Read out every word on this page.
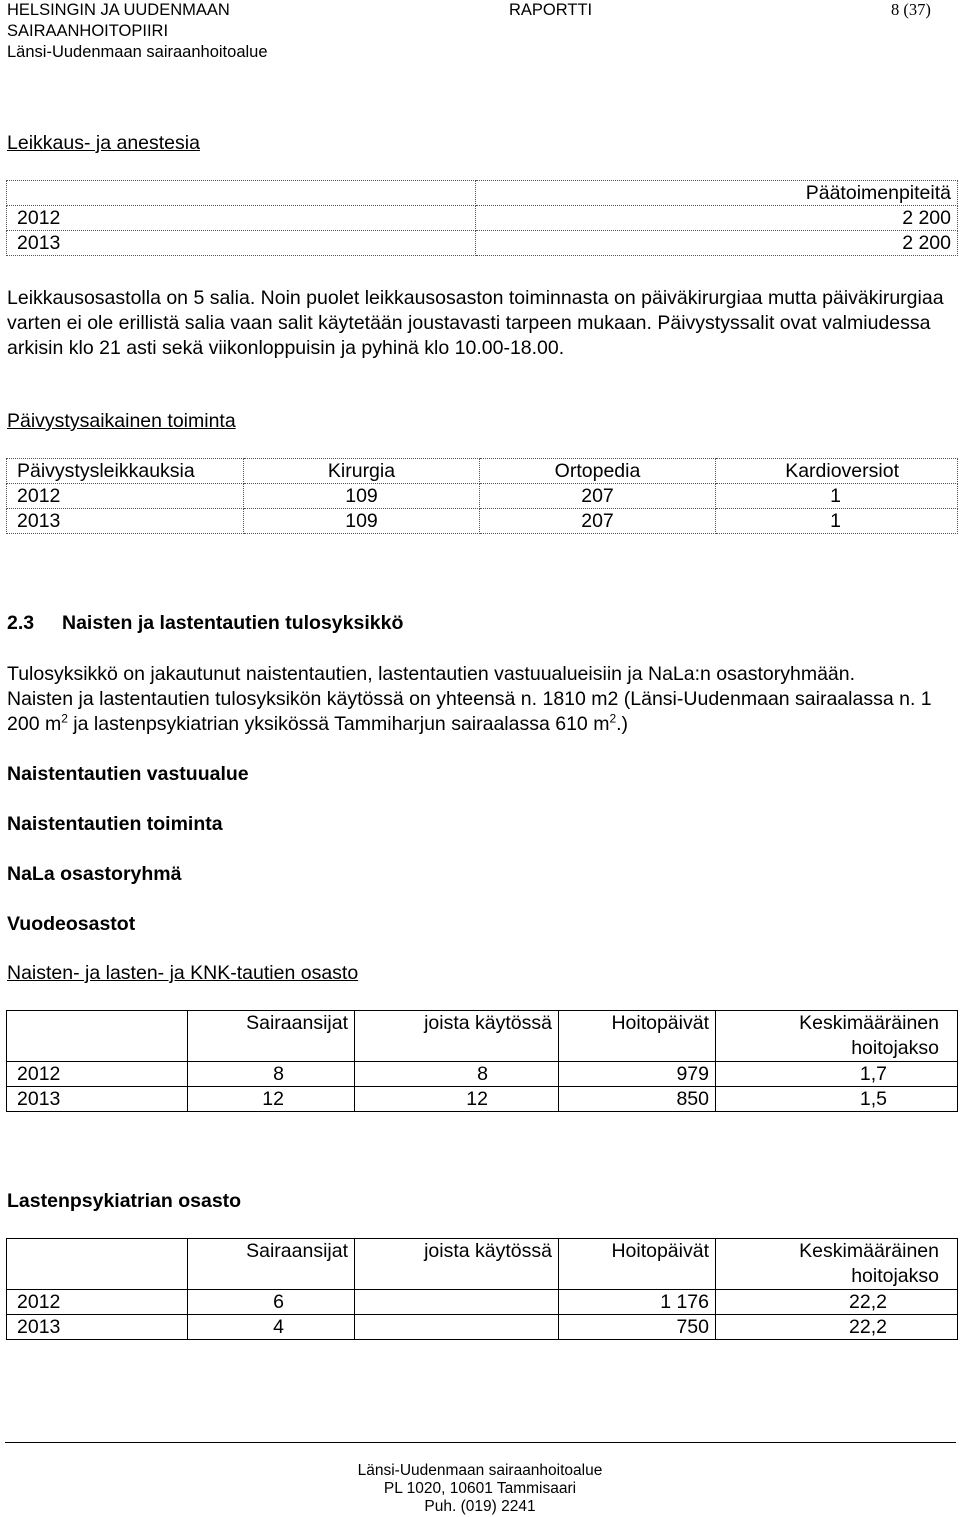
HELSINGIN JA UUDENMAAN
SAIRAANHOITOPIIRI
Länsi-Uudenmaan sairaanhoitoalue
RAPORTTI	8 (37)
Leikkaus- ja anestesia
	Päätoimenpiteitä
2012	2 200
2013	2 200
Leikkausosastolla on 5 salia. Noin puolet leikkausosaston toiminnasta on päiväkirurgiaa mutta päiväkirurgiaa varten ei ole erillistä salia vaan salit käytetään joustavasti tarpeen mukaan. Päivystyssalit ovat valmiudessa arkisin klo 21 asti sekä viikonloppuisin ja pyhinä klo 10.00-18.00.
Päivystysaikainen toiminta
Päivystysleikkauksia	Kirurgia	Ortopedia	Kardioversiot
2012	109	207	1
2013	109	207	1
2.3 Naisten ja lastentautien tulosyksikkö
Tulosyksikkö on jakautunut naistentautien, lastentautien vastuualueisiin ja NaLa:n osastoryhmään.
Naisten ja lastentautien tulosyksikön käytössä on yhteensä n. 1810 m2 (Länsi-Uudenmaan sairaalassa n. 1 200 $m^2$ ja lastenpsykiatrian yksikössä Tammiharjun sairaalassa 610 $m^2$.)
Naistentautien vastuualue
Naistentautien toiminta
NaLa osastoryhmä
Vuodeosastot
Naisten- ja lasten- ja KNK-tautien osasto
	Sairaansijat	joista käytössä	Hoitopäivät	Keskimääräinen hoitojakso
2012	8	8	979	1,7
2013	12	12	850	1,5
Lastenpsykiatrian osasto
	Sairaansijat	joista käytössä	Hoitopäivät	Keskimääräinen hoitojakso
2012	6		1 176	22,2
2013	4		750	22,2
Länsi-Uudenmaan sairaanhoitoalue
PL 1020, 10601 Tammisaari
Puh. (019) 2241
